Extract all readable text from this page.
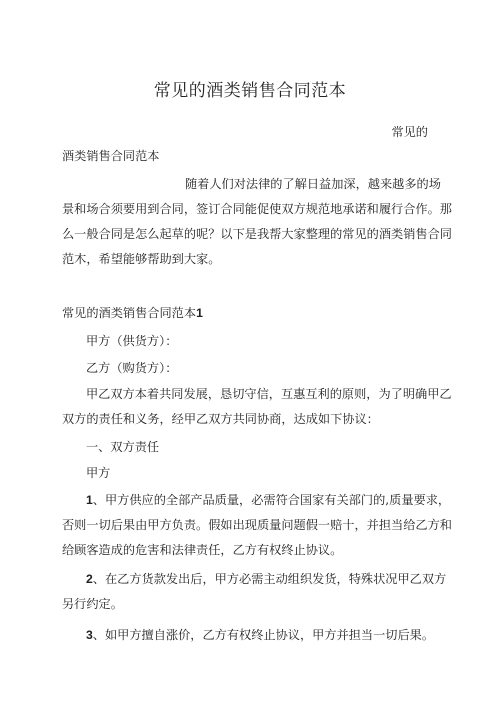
常见的酒类销售合同范本
常见的
酒类销售合同范本
随着人们对法律的了解日益加深，越来越多的场
景和场合须要用到合同，签订合同能促使双方规范地承诺和履行合作。那
么一般合同是怎么起草的呢？以下是我帮大家整理的常见的酒类销售合同
范木，希望能够帮助到大家。
常见的酒类销售合同范本1
甲方（供货方）：
乙方（购货方）：
甲乙双方本着共同发展，恳切守信，互惠互利的原则，为了明确甲乙
双方的责任和义务，经甲乙双方共同协商，达成如下协议：
一、双方责任
甲方
1、甲方供应的全部产品质量，必需符合国家有关部门的,质量要求，
否则一切后果由甲方负责。假如出现质量问题假一赔十，并担当给乙方和
给顾客造成的危害和法律责任，乙方有权终止协议。
2、在乙方货款发出后，甲方必需主动组织发货，特殊状况甲乙双方
另行约定。
3、如甲方擅自涨价，乙方有权终止协议，甲方并担当一切后果。
